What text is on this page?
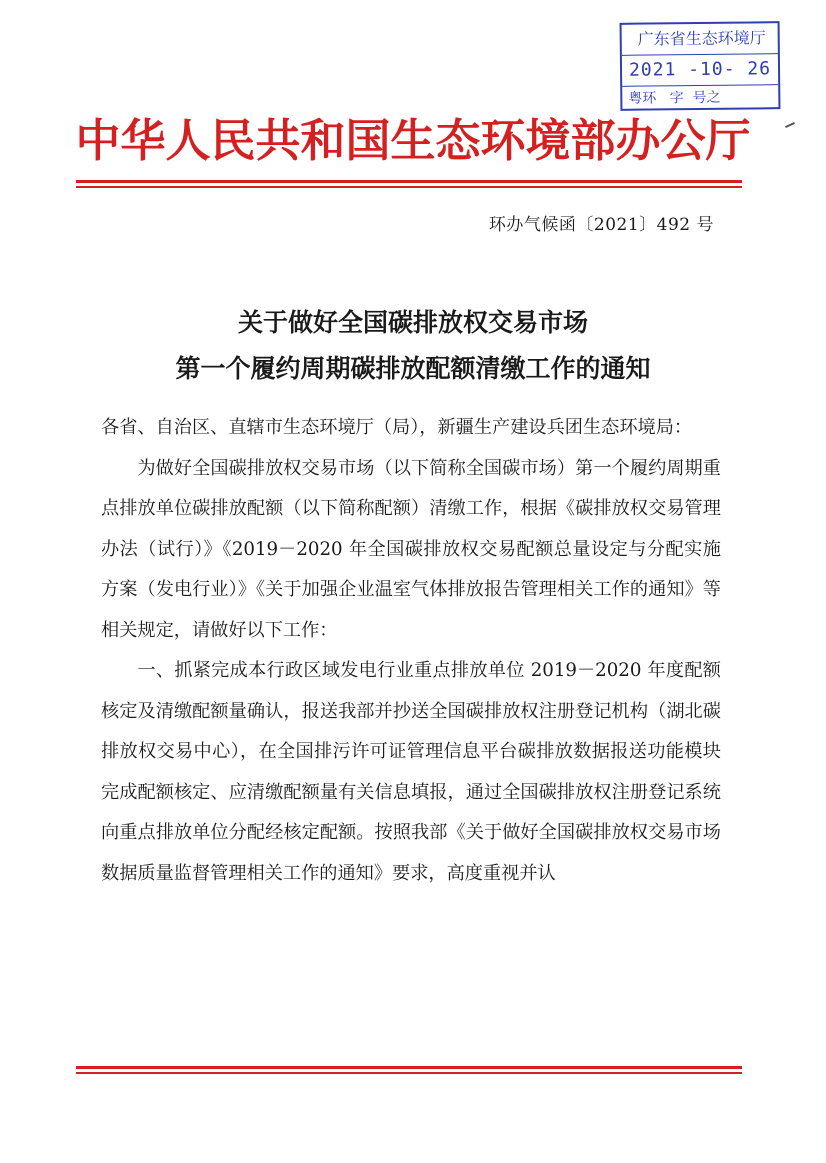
广东省生态环境厅
2021 -10- 26
粤环   字  号之
中华人民共和国生态环境部办公厅
环办气候函〔2021〕492 号
关于做好全国碳排放权交易市场
第一个履约周期碳排放配额清缴工作的通知

各省、自治区、直辖市生态环境厅（局），新疆生产建设兵团生态环境局：

为做好全国碳排放权交易市场（以下简称全国碳市场）第一个履约周期重点排放单位碳排放配额（以下简称配额）清缴工作，根据《碳排放权交易管理办法（试行）》《2019－2020 年全国碳排放权交易配额总量设定与分配实施方案（发电行业）》《关于加强企业温室气体排放报告管理相关工作的通知》等相关规定，请做好以下工作：

一、抓紧完成本行政区域发电行业重点排放单位 2019－2020 年度配额核定及清缴配额量确认，报送我部并抄送全国碳排放权注册登记机构（湖北碳排放权交易中心），在全国排污许可证管理信息平台碳排放数据报送功能模块完成配额核定、应清缴配额量有关信息填报，通过全国碳排放权注册登记系统向重点排放单位分配经核定配额。按照我部《关于做好全国碳排放权交易市场数据质量监督管理相关工作的通知》要求，高度重视并认
